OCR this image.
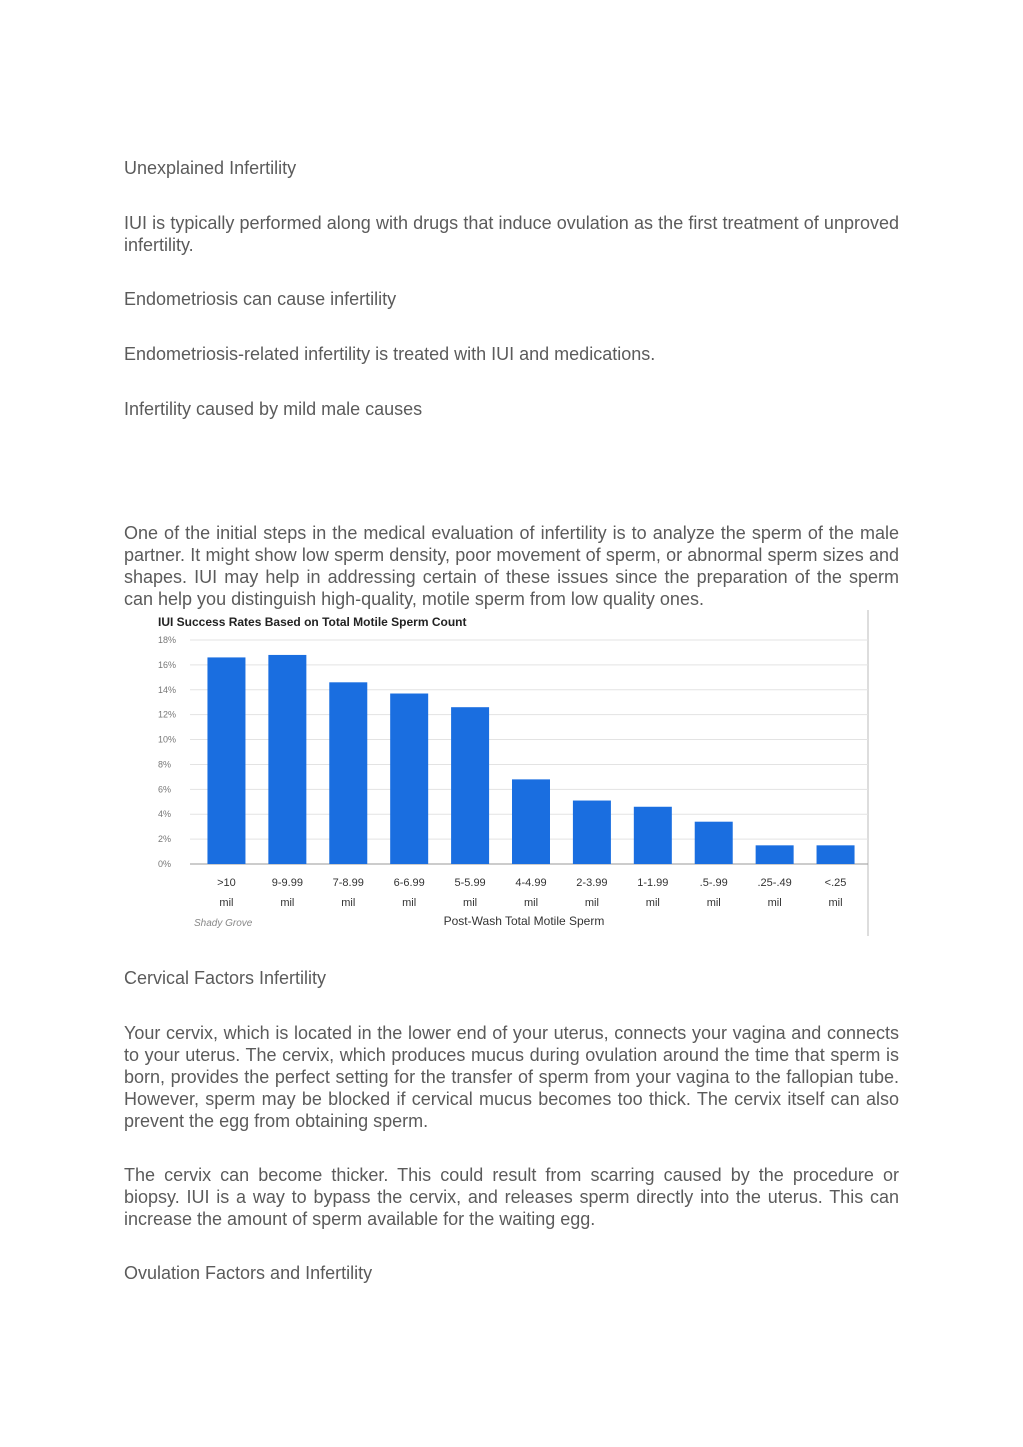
Unexplained Infertility

IUI is typically performed along with drugs that induce ovulation as the first treatment of unproved infertility.

Endometriosis can cause infertility

Endometriosis-related infertility is treated with IUI and medications.

Infertility caused by mild male causes

One of the initial steps in the medical evaluation of infertility is to analyze the sperm of the male partner. It might show low sperm density, poor movement of sperm, or abnormal sperm sizes and shapes. IUI may help in addressing certain of these issues since the preparation of the sperm can help you distinguish high-quality, motile sperm from low quality ones.

IUI Success Rates Based on Total Motile Sperm Count
0%
2%
4%
6%
8%
10%
12%
14%
16%
18%
>10
mil
9-9.99
mil
7-8.99
mil
6-6.99
mil
5-5.99
mil
4-4.99
mil
2-3.99
mil
1-1.99
mil
.5-.99
mil
.25-.49
mil
<.25
mil
Shady Grove	Post-Wash Total Motile Sperm

Cervical Factors Infertility

Your cervix, which is located in the lower end of your uterus, connects your vagina and connects to your uterus. The cervix, which produces mucus during ovulation around the time that sperm is born, provides the perfect setting for the transfer of sperm from your vagina to the fallopian tube. However, sperm may be blocked if cervical mucus becomes too thick. The cervix itself can also prevent the egg from obtaining sperm.

The cervix can become thicker. This could result from scarring caused by the procedure or biopsy. IUI is a way to bypass the cervix, and releases sperm directly into the uterus. This can increase the amount of sperm available for the waiting egg.

Ovulation Factors and Infertility
